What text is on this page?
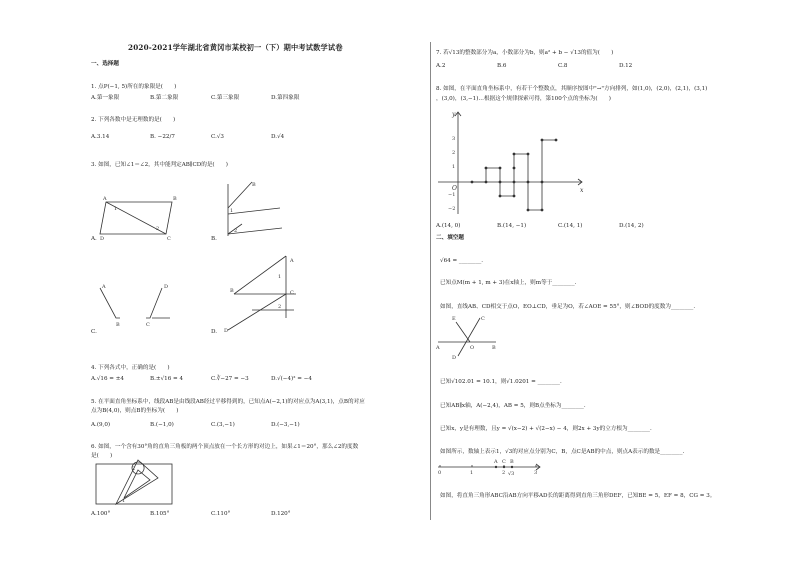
2020-2021学年湖北省黄冈市某校初一（下）期中考试数学试卷
一、选择题
1. 点P(−1, 5)所在的象限是(　　)
A.第一象限	B.第二象限	C.第三象限	D.第四象限
2. 下列各数中是无理数的是(　　)
A.3.14	B. −22/7	C.√3	D.√4
3. 如图，已知∠1＝∠2，其中能判定AB∥CD的是(　　)
A	B
C
D
1
2
A.
B
1
2
B.
A	D
B	C
C.
A
B	C
D
1
2
D.
4. 下列各式中，正确的是(　　)
A.√16 = ±4	B.±√16 = 4	C.∛−27 = −3	D.√(−4)² = −4
5. 在平面直角坐标系中，线段AB是由线段AB经过平移得到的，已知点A(−2,1)的对应点为A(3,1)，点B的对应
点为B(4,0)，则点B的坐标为(　　)
A.(9,0)	B.(−1,0)	C.(3,−1)	D.(−3,−1)
6. 如图，一个含有30°角的直角三角板的两个顶点放在一个长方形的对边上，如果∠1＝20°，那么∠2的度数
是(　　)
2
1
A.100°	B.105°	C.110°	D.120°
7. 若√13的整数部分为a，小数部分为b，则a² + b − √13的值为(　　)
A.2	B.6	C.8	D.12
8. 如图，在平面直角坐标系中，有若干个整数点，其顺序按图中"→"方向排列，如(1,0)，(2,0)，(2,1)，(3,1)
，(3,0)，(3,−1)…根据这个规律探索可得，第100个点的坐标为(　　)
x
y
O
3
2
1
−1
−2
A.(14, 0)	B.(14, −1)	C.(14, 1)	D.(14, 2)
二、填空题
√64 = ________.
已知点M(m + 1, m + 3)在x轴上，则m等于________.
如图，直线AB、CD相交于点O，EO⊥CD，垂足为O，若∠AOE = 55°，则∠BOD的度数为________.
E	C
A	O	B
D
已知√102.01 = 10.1，则√1.0201 = ________.
已知AB∥x轴，A(−2,4)，AB = 5，则B点坐标为________.
已知x，y是有理数，且y = √(x−2) + √(2−x) − 4，则2x + 3y的立方根为________.
如图所示，数轴上表示1，√3的对应点分别为C，B，点C是AB的中点，则点A表示的数是________.
0	1	2	3
A C B
√3
如图，将直角三角形ABC沿AB方向平移AD长的距离得到直角三角形DEF，已知BE = 5，EF = 8，CG = 3。
